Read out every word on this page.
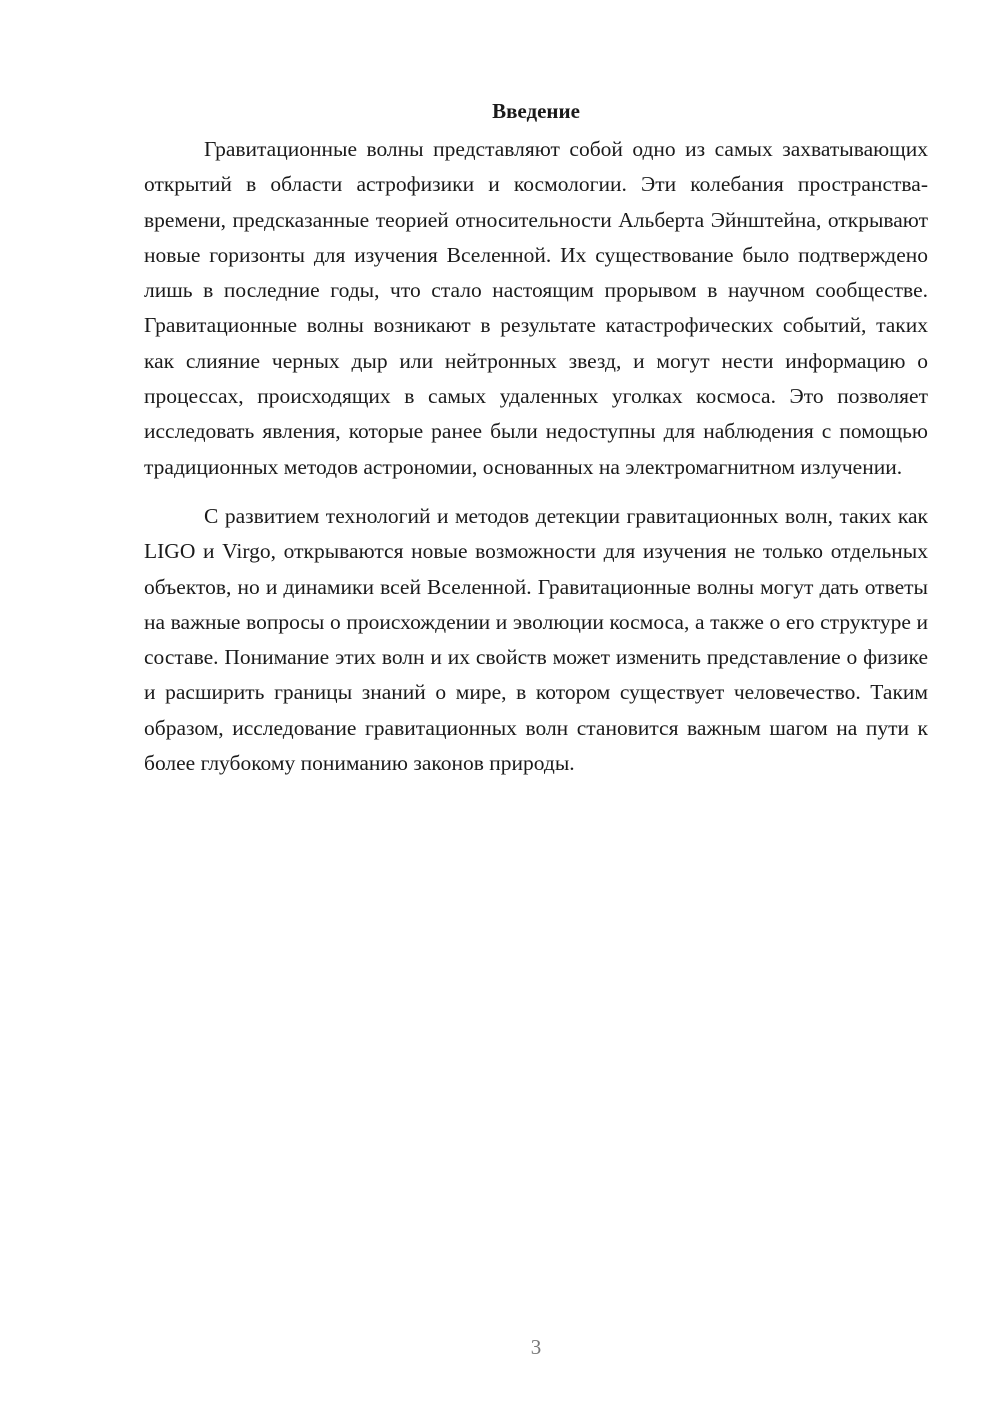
Введение

Гравитационные волны представляют собой одно из самых захватывающих открытий в области астрофизики и космологии. Эти колебания пространства-времени, предсказанные теорией относительности Альберта Эйнштейна, открывают новые горизонты для изучения Вселенной. Их существование было подтверждено лишь в последние годы, что стало настоящим прорывом в научном сообществе. Гравитационные волны возникают в результате катастрофических событий, таких как слияние черных дыр или нейтронных звезд, и могут нести информацию о процессах, происходящих в самых удаленных уголках космоса. Это позволяет исследовать явления, которые ранее были недоступны для наблюдения с помощью традиционных методов астрономии, основанных на электромагнитном излучении.

С развитием технологий и методов детекции гравитационных волн, таких как LIGO и Virgo, открываются новые возможности для изучения не только отдельных объектов, но и динамики всей Вселенной. Гравитационные волны могут дать ответы на важные вопросы о происхождении и эволюции космоса, а также о его структуре и составе. Понимание этих волн и их свойств может изменить представление о физике и расширить границы знаний о мире, в котором существует человечество. Таким образом, исследование гравитационных волн становится важным шагом на пути к более глубокому пониманию законов природы.

3
